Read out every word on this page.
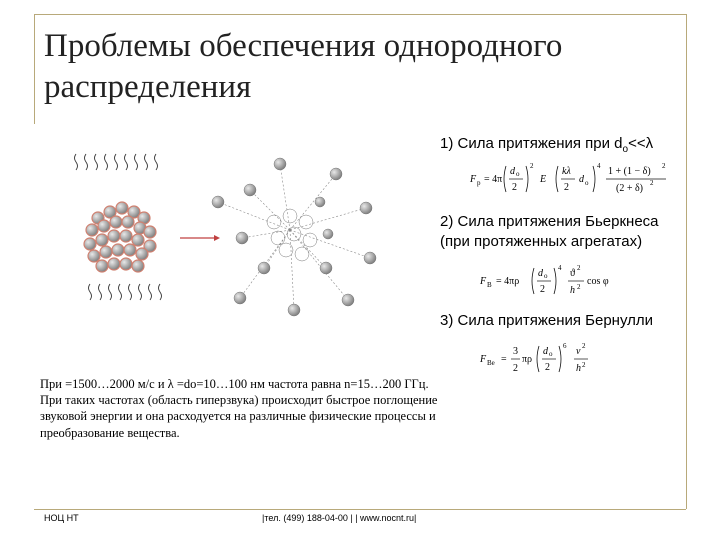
Проблемы обеспечения однородного распределения
1) Сила притяжения при $d_о<<\lambda$
2) Сила притяжения Бьеркнеса
(при протяженных агрегатах)
3) Сила притяжения Бернулли
F р = 4π
d о
2
2
E
kλ
2
d о
4 1 + (1 − δ) 2
(2 + δ) 2
F B = 4πρ
d о
2
4 ϑ 2
h 2 cos φ
F Be =
3
2
πρ
d о
2
6 v 2
h 2
При =1500…2000 м/с и λ =dо=10…100 нм частота равна n=15…200 ГГц. При таких частотах (область гиперзвука) происходит быстрое поглощение звуковой энергии и она расходуется на различные физические процессы и преобразование вещества.
НОЦ НТ	|тел. (499) 188-04-00 | | www.nocnt.ru|
